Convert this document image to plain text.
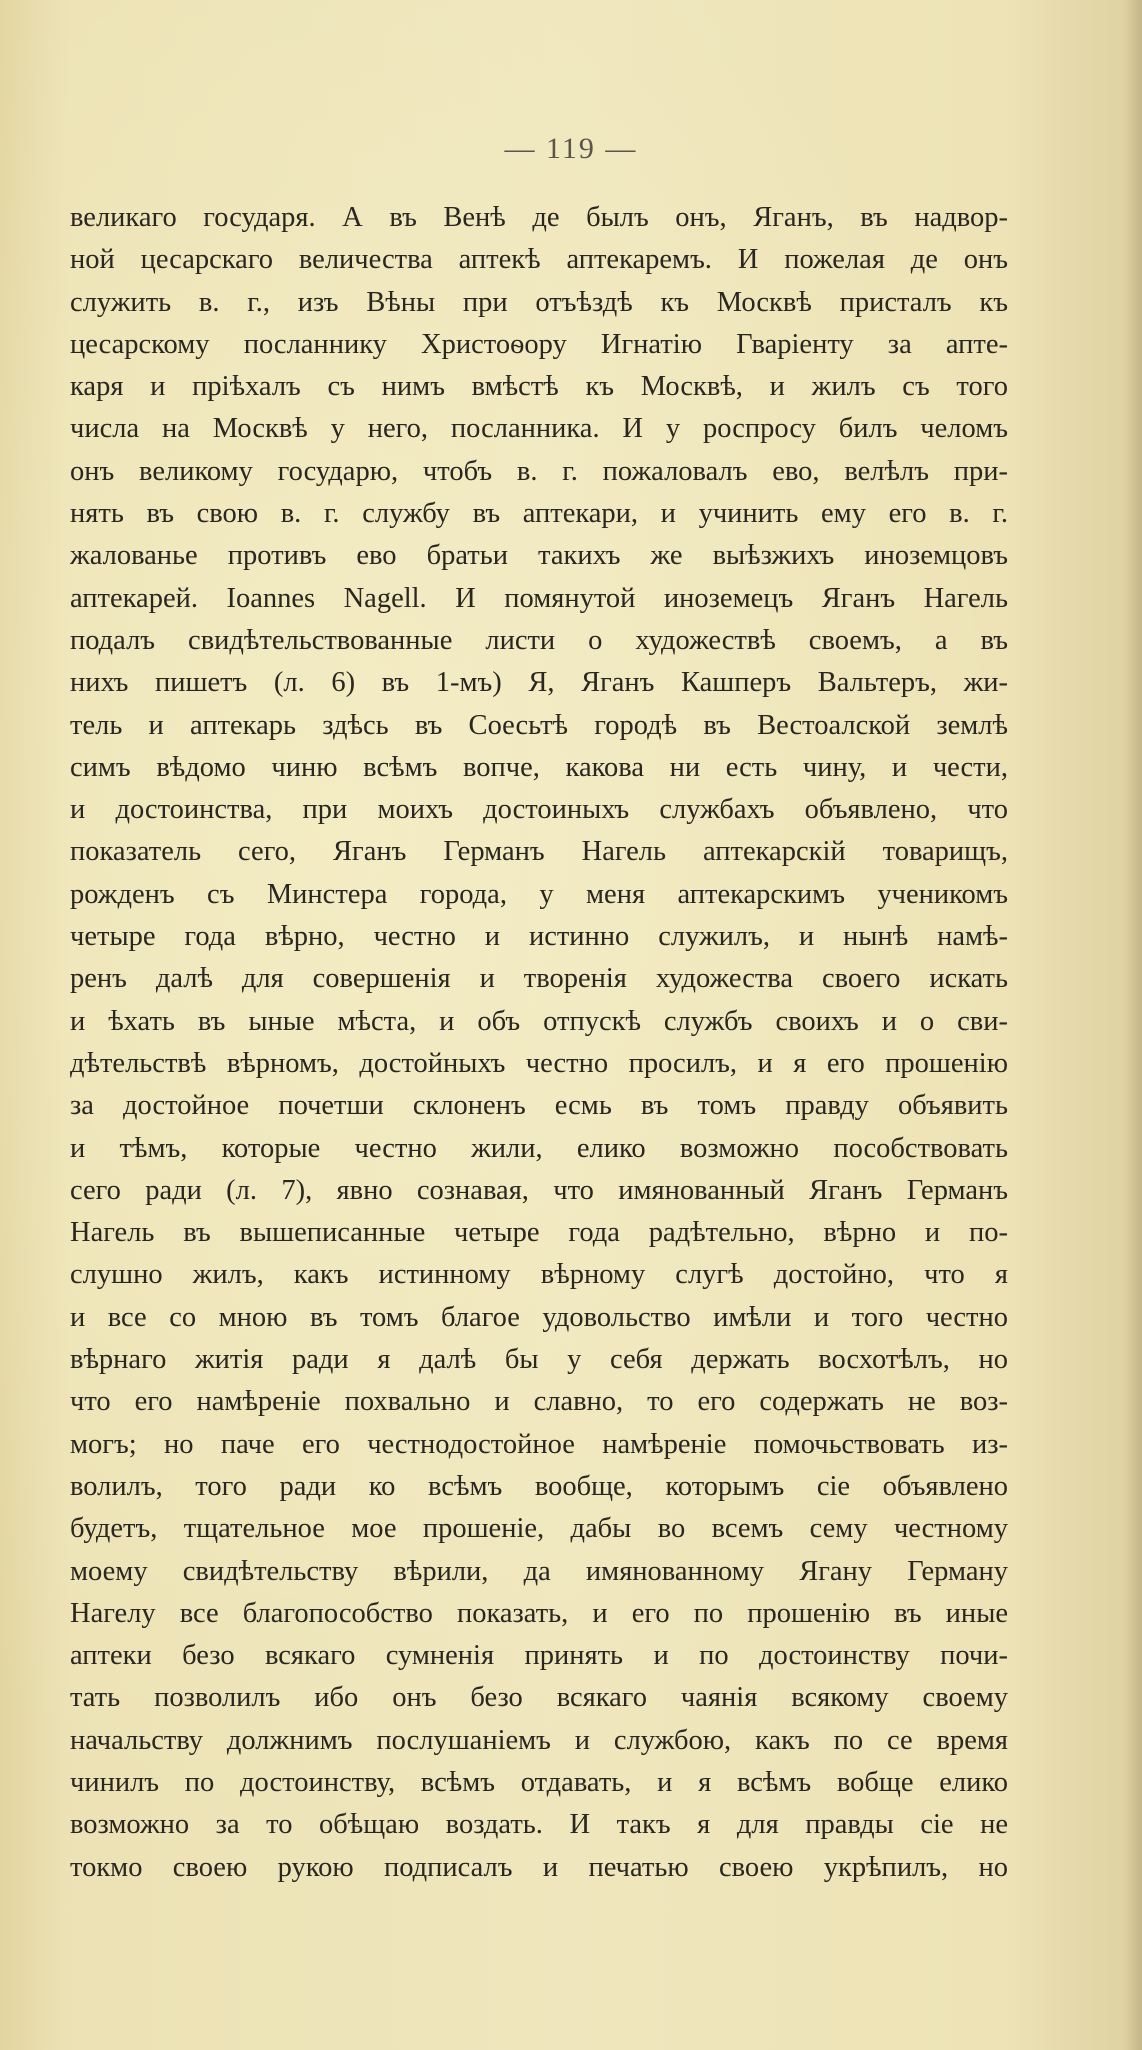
— 119 —
великаго государя. А въ Венѣ де былъ онъ, Яганъ, въ надвор-
ной цесарскаго величества аптекѣ аптекаремъ. И пожелая де онъ
служить в. г., изъ Вѣны при отъѣздѣ къ Москвѣ присталъ къ
цесарскому посланнику Христоѳору Игнатію Гваріенту за апте-
каря и пріѣхалъ съ нимъ вмѣстѣ къ Москвѣ, и жилъ съ того
числа на Москвѣ у него, посланника. И у роспросу билъ челомъ
онъ великому государю, чтобъ в. г. пожаловалъ ево, велѣлъ при-
нять въ свою в. г. службу въ аптекари, и учинить ему его в. г.
жалованье противъ ево братьи такихъ же выѣзжихъ иноземцовъ
аптекарей. Ioannes Nagell. И помянутой иноземецъ Яганъ Нагель
подалъ свидѣтельствованные листи о художествѣ своемъ, а въ
нихъ пишетъ (л. 6) въ 1-мъ) Я, Яганъ Кашперъ Вальтеръ, жи-
тель и аптекарь здѣсь въ Соесьтѣ городѣ въ Вестоалской землѣ
симъ вѣдомо чиню всѣмъ вопче, какова ни есть чину, и чести,
и достоинства, при моихъ достоиныхъ службахъ объявлено, что
показатель сего, Яганъ Германъ Нагель аптекарскій товарищъ,
рожденъ съ Минстера города, у меня аптекарскимъ ученикомъ
четыре года вѣрно, честно и истинно служилъ, и нынѣ намѣ-
ренъ далѣ для совершенія и творенія художества своего искать
и ѣхать въ ыные мѣста, и объ отпускѣ службъ своихъ и о сви-
дѣтельствѣ вѣрномъ, достойныхъ честно просилъ, и я его прошенію
за достойное почетши склоненъ есмь въ томъ правду объявить
и тѣмъ, которые честно жили, елико возможно пособствовать
сего ради (л. 7), явно сознавая, что имянованный Яганъ Германъ
Нагель въ вышеписанные четыре года радѣтельно, вѣрно и по-
слушно жилъ, какъ истинному вѣрному слугѣ достойно, что я
и все со мною въ томъ благое удовольство имѣли и того честно
вѣрнаго житія ради я далѣ бы у себя держать восхотѣлъ, но
что его намѣреніе похвально и славно, то его содержать не воз-
могъ; но паче его честнодостойное намѣреніе помочьствовать из-
волилъ, того ради ко всѣмъ вообще, которымъ сіе объявлено
будетъ, тщательное мое прошеніе, дабы во всемъ сему честному
моему свидѣтельству вѣрили, да имянованному Ягану Герману
Нагелу все благопособство показать, и его по прошенію въ иные
аптеки безо всякаго сумненія принять и по достоинству почи-
тать позволилъ ибо онъ безо всякаго чаянія всякому своему
начальству должнимъ послушаніемъ и службою, какъ по се время
чинилъ по достоинству, всѣмъ отдавать, и я всѣмъ вобще елико
возможно за то обѣщаю воздать. И такъ я для правды сіе не
токмо своею рукою подписалъ и печатью своею укрѣпилъ, но
